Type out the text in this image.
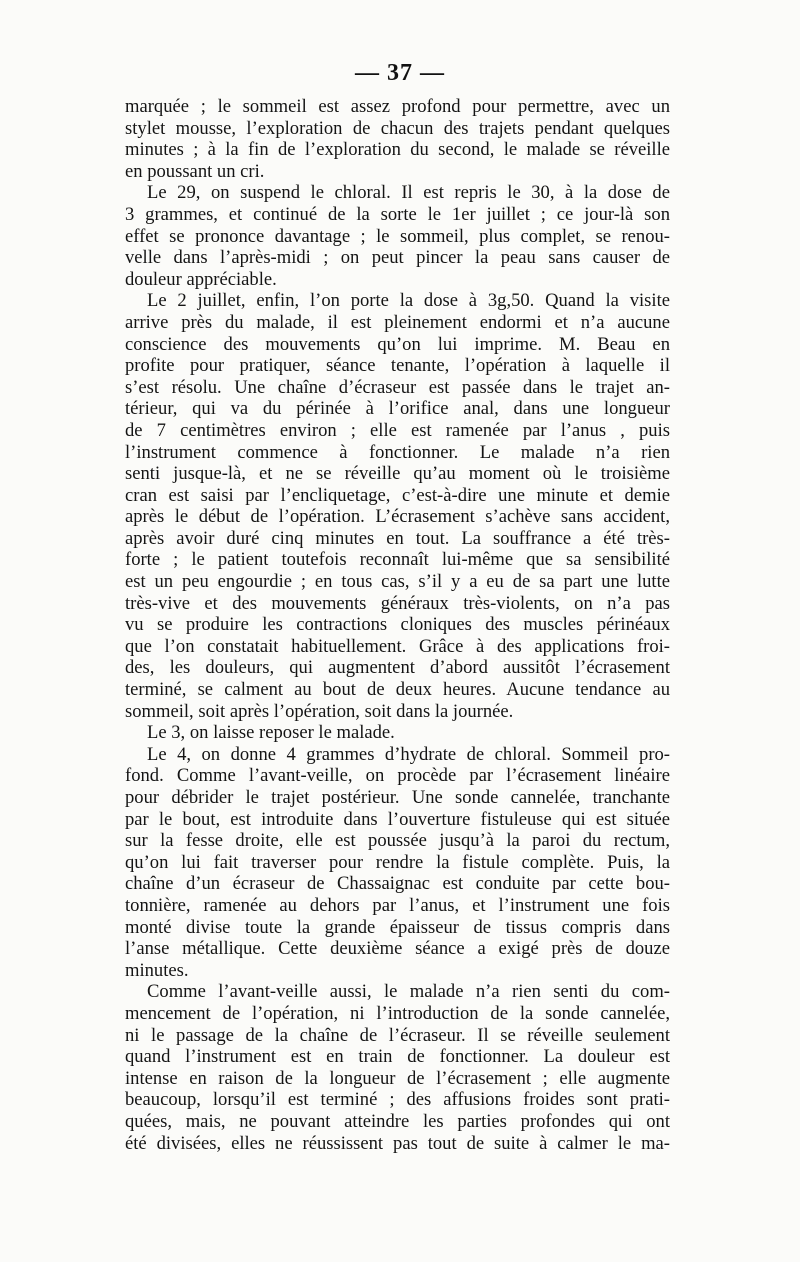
— 37 —
marquée ; le sommeil est assez profond pour permettre, avec un
stylet mousse, l’exploration de chacun des trajets pendant quelques
minutes ; à la fin de l’exploration du second, le malade se réveille
en poussant un cri.
Le 29, on suspend le chloral. Il est repris le 30, à la dose de
3 grammes, et continué de la sorte le 1er juillet ; ce jour-là son
effet se prononce davantage ; le sommeil, plus complet, se renou-
velle dans l’après-midi ; on peut pincer la peau sans causer de
douleur appréciable.
Le 2 juillet, enfin, l’on porte la dose à 3g,50. Quand la visite
arrive près du malade, il est pleinement endormi et n’a aucune
conscience des mouvements qu’on lui imprime. M. Beau en
profite pour pratiquer, séance tenante, l’opération à laquelle il
s’est résolu. Une chaîne d’écraseur est passée dans le trajet an-
térieur, qui va du périnée à l’orifice anal, dans une longueur
de 7 centimètres environ ; elle est ramenée par l’anus , puis
l’instrument commence à fonctionner. Le malade n’a rien
senti jusque-là, et ne se réveille qu’au moment où le troisième
cran est saisi par l’encliquetage, c’est-à-dire une minute et demie
après le début de l’opération. L’écrasement s’achève sans accident,
après avoir duré cinq minutes en tout. La souffrance a été très-
forte ; le patient toutefois reconnaît lui-même que sa sensibilité
est un peu engourdie ; en tous cas, s’il y a eu de sa part une lutte
très-vive et des mouvements généraux très-violents, on n’a pas
vu se produire les contractions cloniques des muscles périnéaux
que l’on constatait habituellement. Grâce à des applications froi-
des, les douleurs, qui augmentent d’abord aussitôt l’écrasement
terminé, se calment au bout de deux heures. Aucune tendance au
sommeil, soit après l’opération, soit dans la journée.
Le 3, on laisse reposer le malade.
Le 4, on donne 4 grammes d’hydrate de chloral. Sommeil pro-
fond. Comme l’avant-veille, on procède par l’écrasement linéaire
pour débrider le trajet postérieur. Une sonde cannelée, tranchante
par le bout, est introduite dans l’ouverture fistuleuse qui est située
sur la fesse droite, elle est poussée jusqu’à la paroi du rectum,
qu’on lui fait traverser pour rendre la fistule complète. Puis, la
chaîne d’un écraseur de Chassaignac est conduite par cette bou-
tonnière, ramenée au dehors par l’anus, et l’instrument une fois
monté divise toute la grande épaisseur de tissus compris dans
l’anse métallique. Cette deuxième séance a exigé près de douze
minutes.
Comme l’avant-veille aussi, le malade n’a rien senti du com-
mencement de l’opération, ni l’introduction de la sonde cannelée,
ni le passage de la chaîne de l’écraseur. Il se réveille seulement
quand l’instrument est en train de fonctionner. La douleur est
intense en raison de la longueur de l’écrasement ; elle augmente
beaucoup, lorsqu’il est terminé ; des affusions froides sont prati-
quées, mais, ne pouvant atteindre les parties profondes qui ont
été divisées, elles ne réussissent pas tout de suite à calmer le ma-
